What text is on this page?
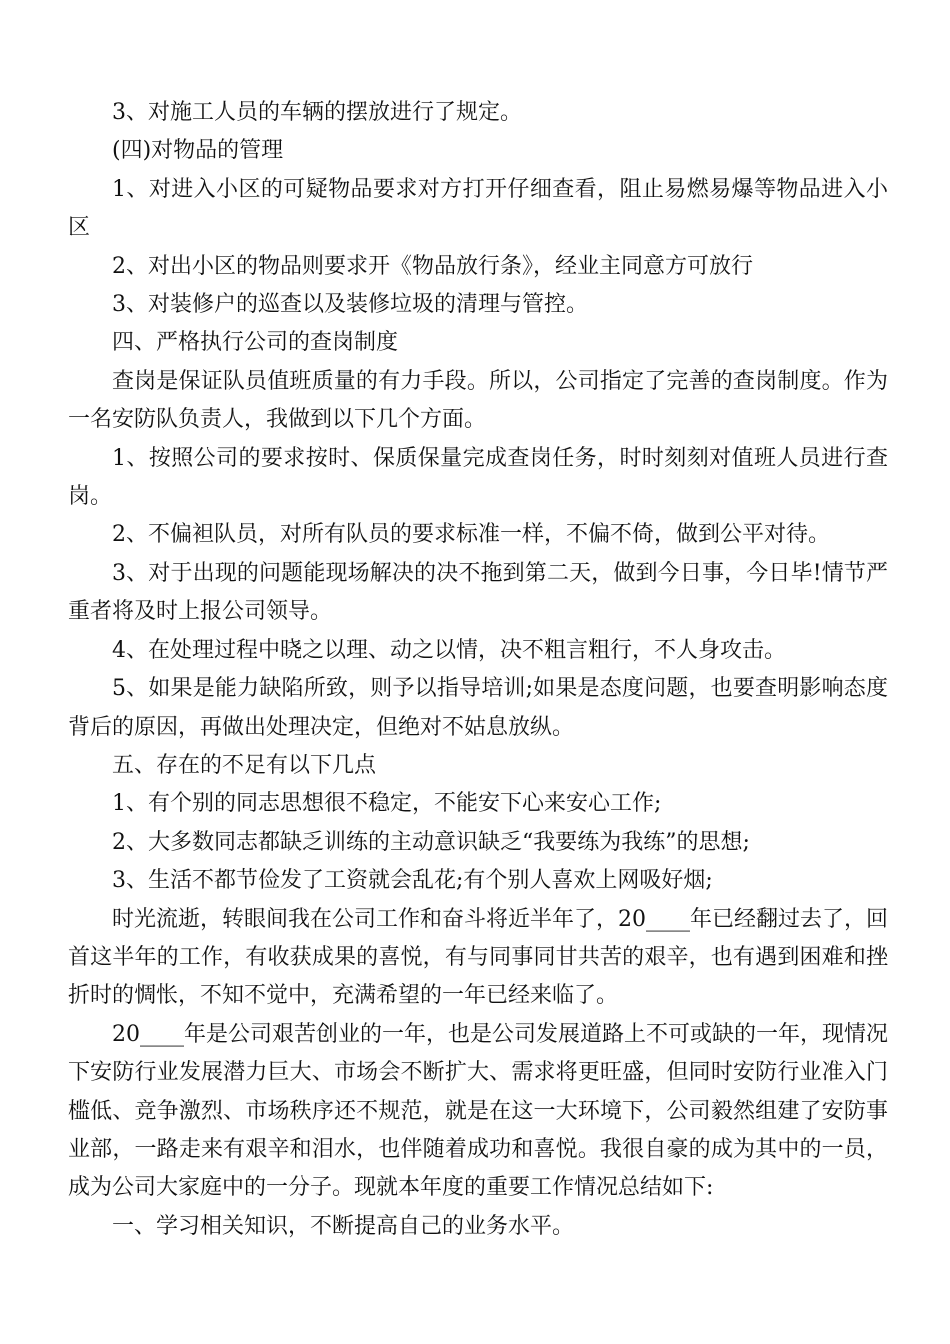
3、对施工人员的车辆的摆放进行了规定。

(四)对物品的管理

1、对进入小区的可疑物品要求对方打开仔细查看，阻止易燃易爆等物品进入小区

2、对出小区的物品则要求开《物品放行条》，经业主同意方可放行

3、对装修户的巡查以及装修垃圾的清理与管控。

四、严格执行公司的查岗制度

查岗是保证队员值班质量的有力手段。所以，公司指定了完善的查岗制度。作为一名安防队负责人，我做到以下几个方面。

1、按照公司的要求按时、保质保量完成查岗任务，时时刻刻对值班人员进行查岗。

2、不偏袒队员，对所有队员的要求标准一样，不偏不倚，做到公平对待。

3、对于出现的问题能现场解决的决不拖到第二天，做到今日事，今日毕!情节严重者将及时上报公司领导。

4、在处理过程中晓之以理、动之以情，决不粗言粗行，不人身攻击。

5、如果是能力缺陷所致，则予以指导培训;如果是态度问题，也要查明影响态度背后的原因，再做出处理决定，但绝对不姑息放纵。

五、存在的不足有以下几点

1、有个别的同志思想很不稳定，不能安下心来安心工作;

2、大多数同志都缺乏训练的主动意识缺乏“我要练为我练”的思想;

3、生活不都节俭发了工资就会乱花;有个别人喜欢上网吸好烟;

时光流逝，转眼间我在公司工作和奋斗将近半年了，20____年已经翻过去了，回首这半年的工作，有收获成果的喜悦，有与同事同甘共苦的艰辛，也有遇到困难和挫折时的惆怅，不知不觉中，充满希望的一年已经来临了。

20____年是公司艰苦创业的一年，也是公司发展道路上不可或缺的一年，现情况下安防行业发展潜力巨大、市场会不断扩大、需求将更旺盛，但同时安防行业准入门槛低、竞争激烈、市场秩序还不规范，就是在这一大环境下，公司毅然组建了安防事业部，一路走来有艰辛和泪水，也伴随着成功和喜悦。我很自豪的成为其中的一员，成为公司大家庭中的一分子。现就本年度的重要工作情况总结如下:

一、学习相关知识，不断提高自己的业务水平。
